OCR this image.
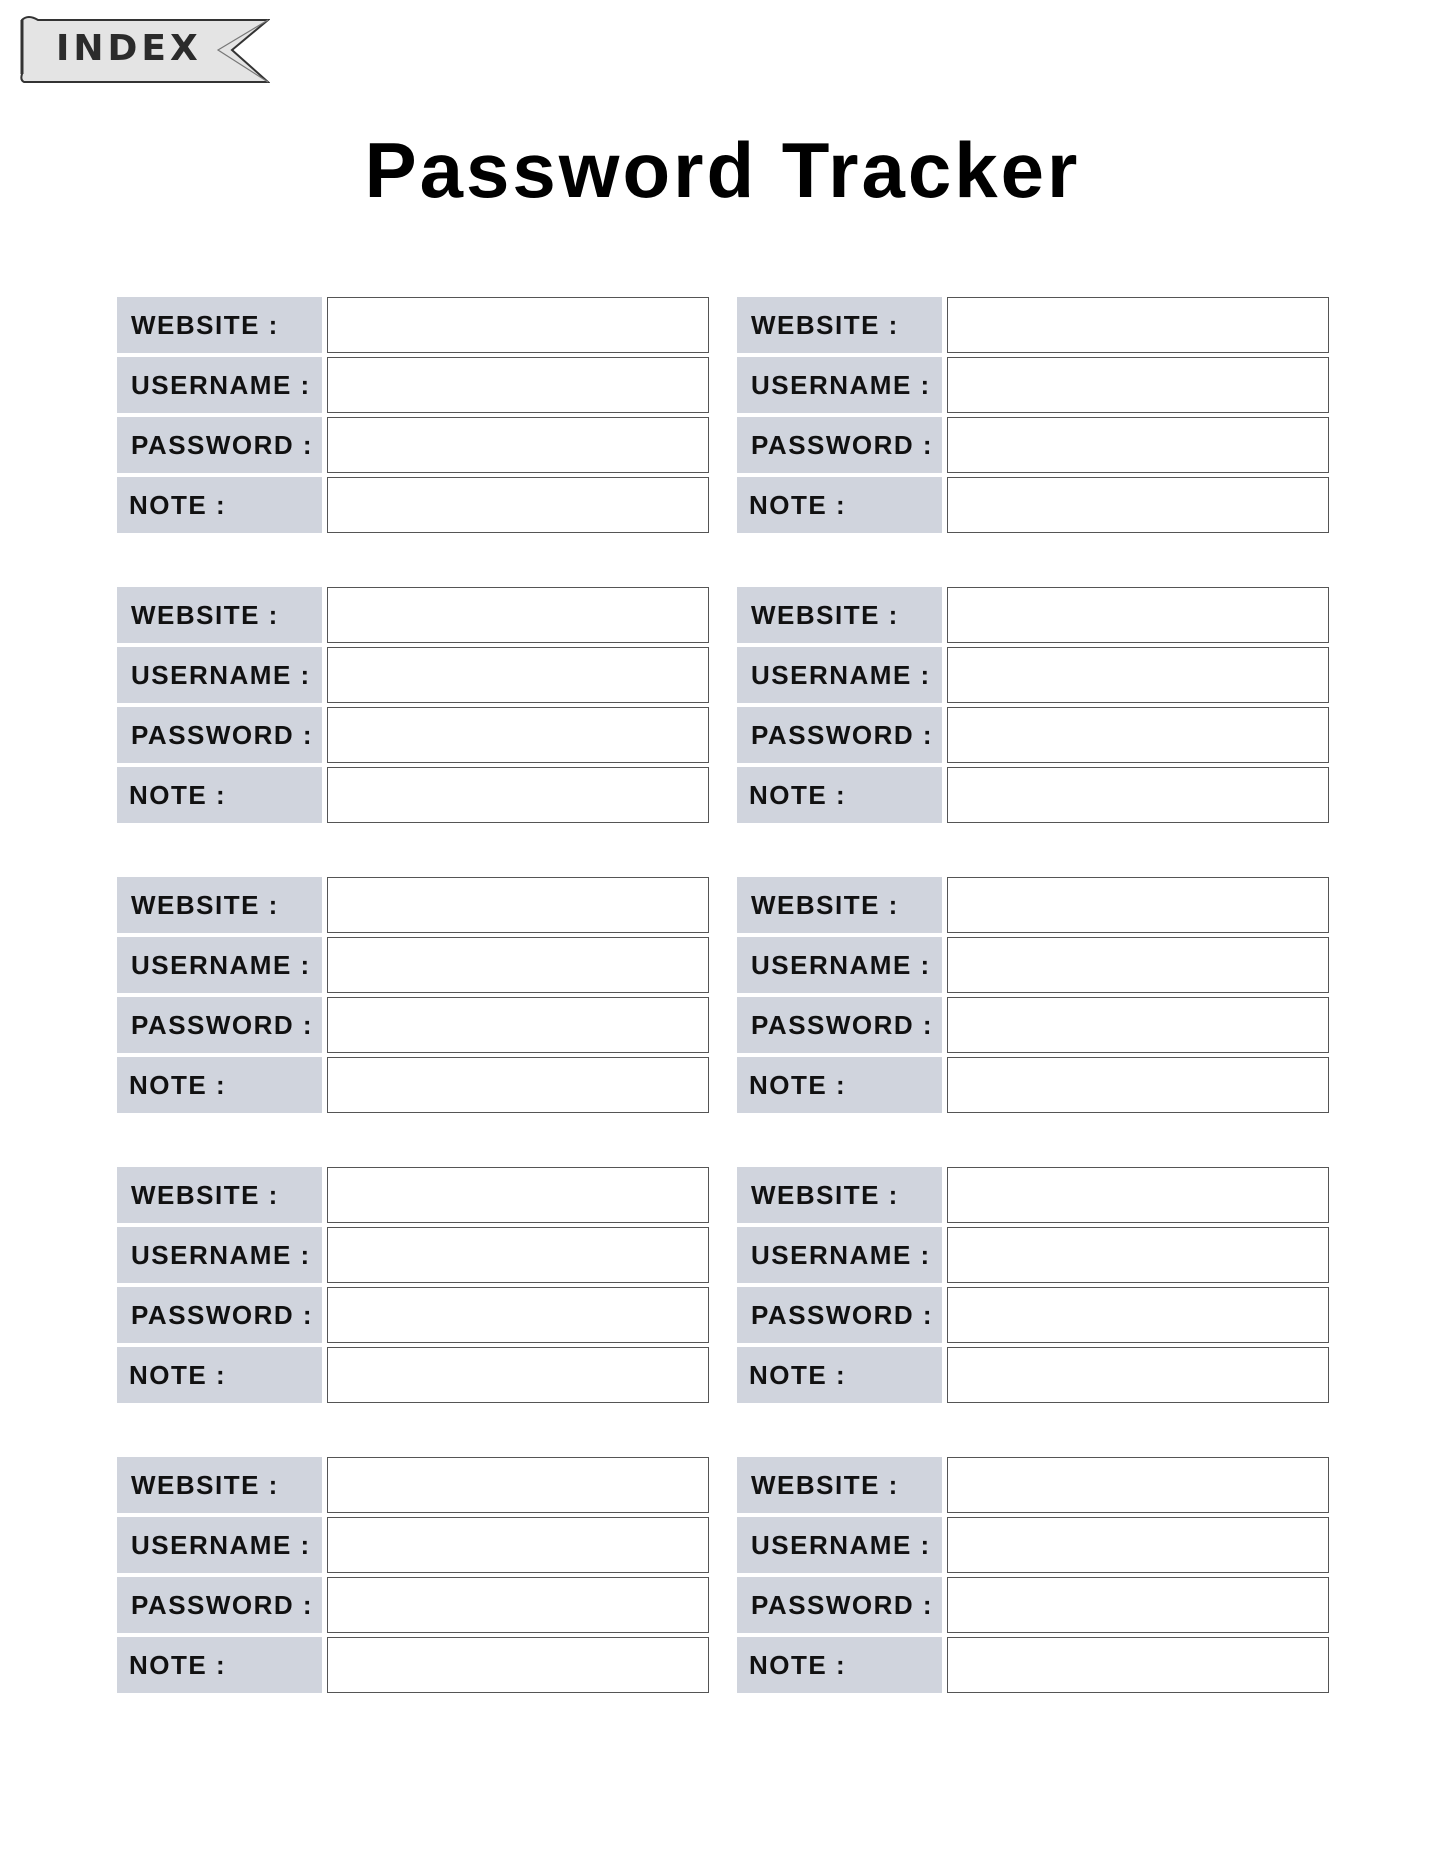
INDEX
Password Tracker
WEBSITE :
USERNAME :
PASSWORD :
NOTE :
WEBSITE :
USERNAME :
PASSWORD :
NOTE :
WEBSITE :
USERNAME :
PASSWORD :
NOTE :
WEBSITE :
USERNAME :
PASSWORD :
NOTE :
WEBSITE :
USERNAME :
PASSWORD :
NOTE :
WEBSITE :
USERNAME :
PASSWORD :
NOTE :
WEBSITE :
USERNAME :
PASSWORD :
NOTE :
WEBSITE :
USERNAME :
PASSWORD :
NOTE :
WEBSITE :
USERNAME :
PASSWORD :
NOTE :
WEBSITE :
USERNAME :
PASSWORD :
NOTE :
